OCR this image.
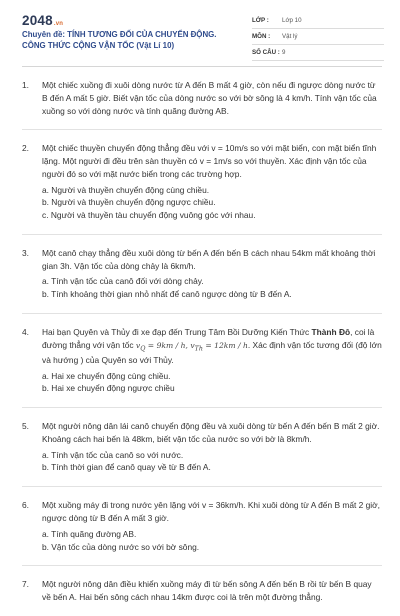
2048.vn
Chuyên đề: TÍNH TƯƠNG ĐỐI CỦA CHUYỂN ĐỘNG. CÔNG THỨC CỘNG VẬN TỐC (Vật Lí 10)
LỚP :	Lớp 10
MÔN :	Vật lý
SỐ CÂU : 9
1.	Một chiếc xuồng đi xuôi dòng nước từ A đến B mất 4 giờ, còn nếu đi ngược dòng nước từ B đến A mất 5 giờ. Biết vận tốc của dòng nước so với bờ sông là 4 km/h. Tính vận tốc của xuồng so với dòng nước và tính quãng đường AB.

2.	Một chiếc thuyền chuyển động thẳng đều với v = 10m/s so với mặt biển, con mặt biển tĩnh lặng. Một người đi đều trên sàn thuyền có v = 1m/s so với thuyền. Xác định vận tốc của người đó so với mặt nước biển trong các trường hợp.

a. Người và thuyền chuyển động cùng chiều.

b. Người và thuyền chuyển động ngược chiều.

c. Người và thuyền tàu chuyển động vuông góc với nhau.

3.	Một canô chạy thẳng đều xuôi dòng từ bến A đến bến B cách nhau 54km mất khoảng thời gian 3h. Vận tốc của dòng chảy là 6km/h.

a. Tính vận tốc của canô đối với dòng chảy.

b. Tính khoảng thời gian nhỏ nhất để canô ngược dòng từ B đến A.

4.	Hai bạn Quyên và Thủy đi xe đạp đến Trung Tâm Bồi Dưỡng Kiến Thức Thành Đô, coi là đường thẳng với vận tốc $v_Q = 9km / h$, $v_{Th} = 12km / h$. Xác định vận tốc tương đối (độ lớn và hướng ) của Quyên so với Thủy.

a. Hai xe chuyển động cùng chiều.

b. Hai xe chuyển động ngược chiều

5.	Một người nông dân lái canô chuyển động đều và xuôi dòng từ bến A đến bến B mất 2 giờ. Khoảng cách hai bến là 48km, biết vận tốc của nước so với bờ là 8km/h.

a. Tính vận tốc của canô so với nước.

b. Tính thời gian để canô quay về từ B đến A.

6.	Một xuồng máy đi trong nước yên lặng với v = 36km/h. Khi xuôi dòng từ A đến B mất 2 giờ, ngược dòng từ B đến A mất 3 giờ.

a. Tính quãng đường AB.

b. Vận tốc của dòng nước so với bờ sông.

7.	Một người nông dân điều khiển xuồng máy đi từ bến sông A đến bến B rồi từ bến B quay về bến A. Hai bến sông cách nhau 14km được coi là trên một đường thẳng.
